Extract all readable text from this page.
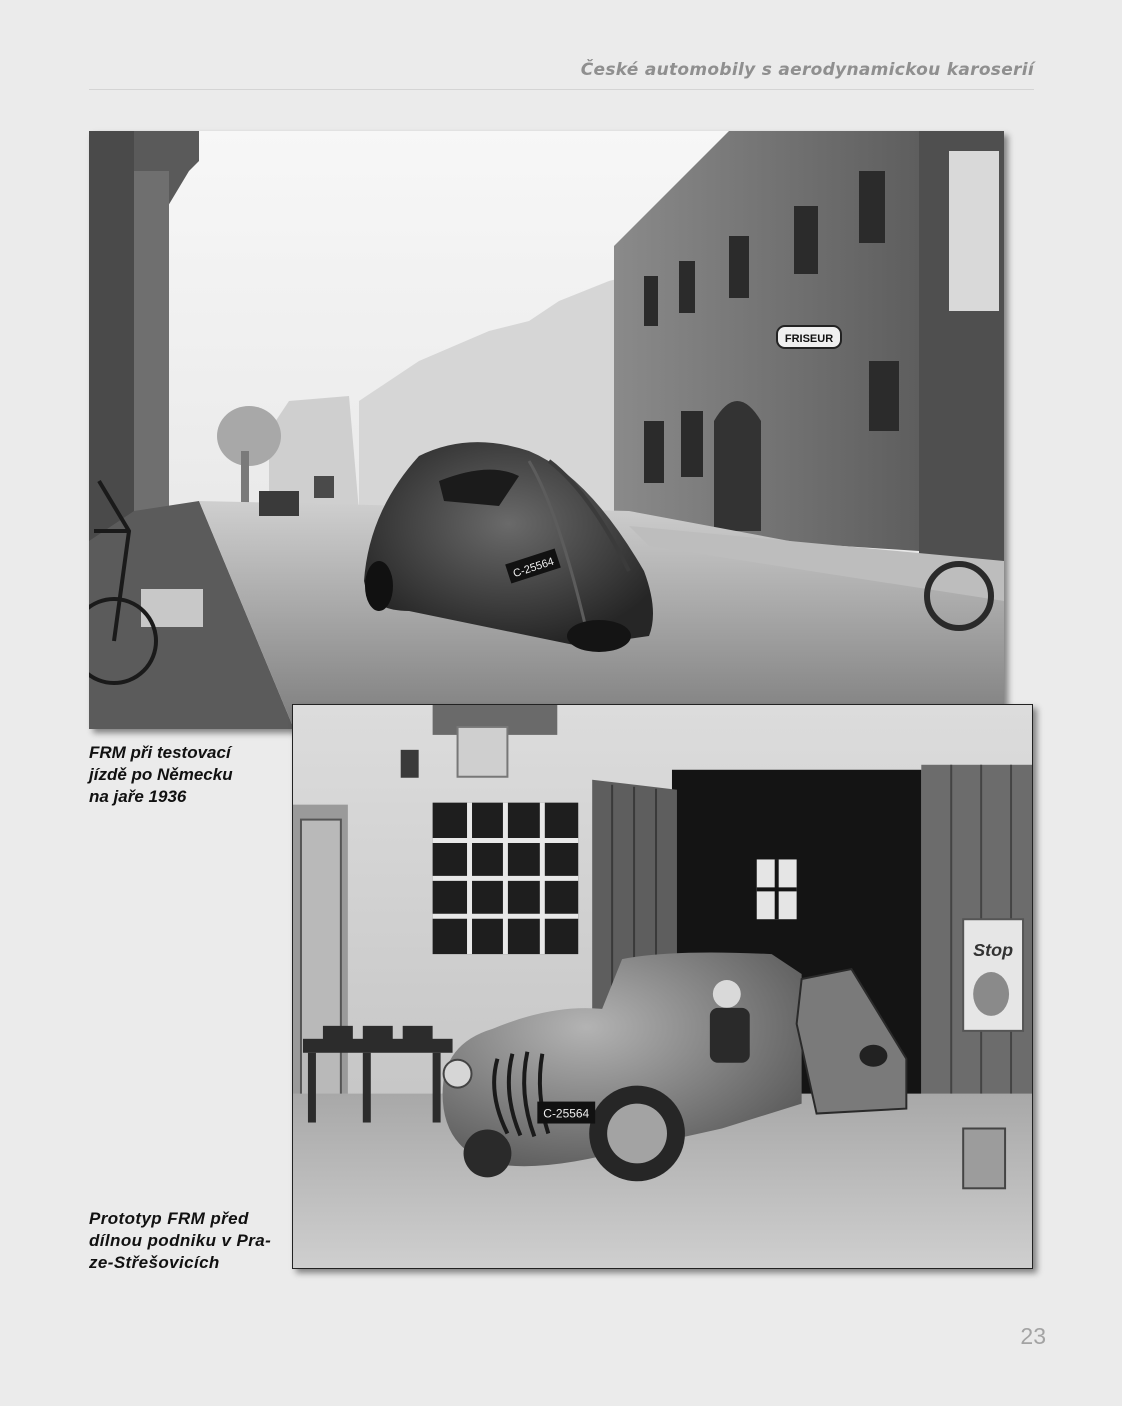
České automobily s aerodynamickou karoserií
FRISEUR
C-25564
Stop
C-25564
FRM při testovací
jízdě po Německu
na jaře 1936
Prototyp FRM před
dílnou podniku v Pra-
ze-Střešovicích
23
